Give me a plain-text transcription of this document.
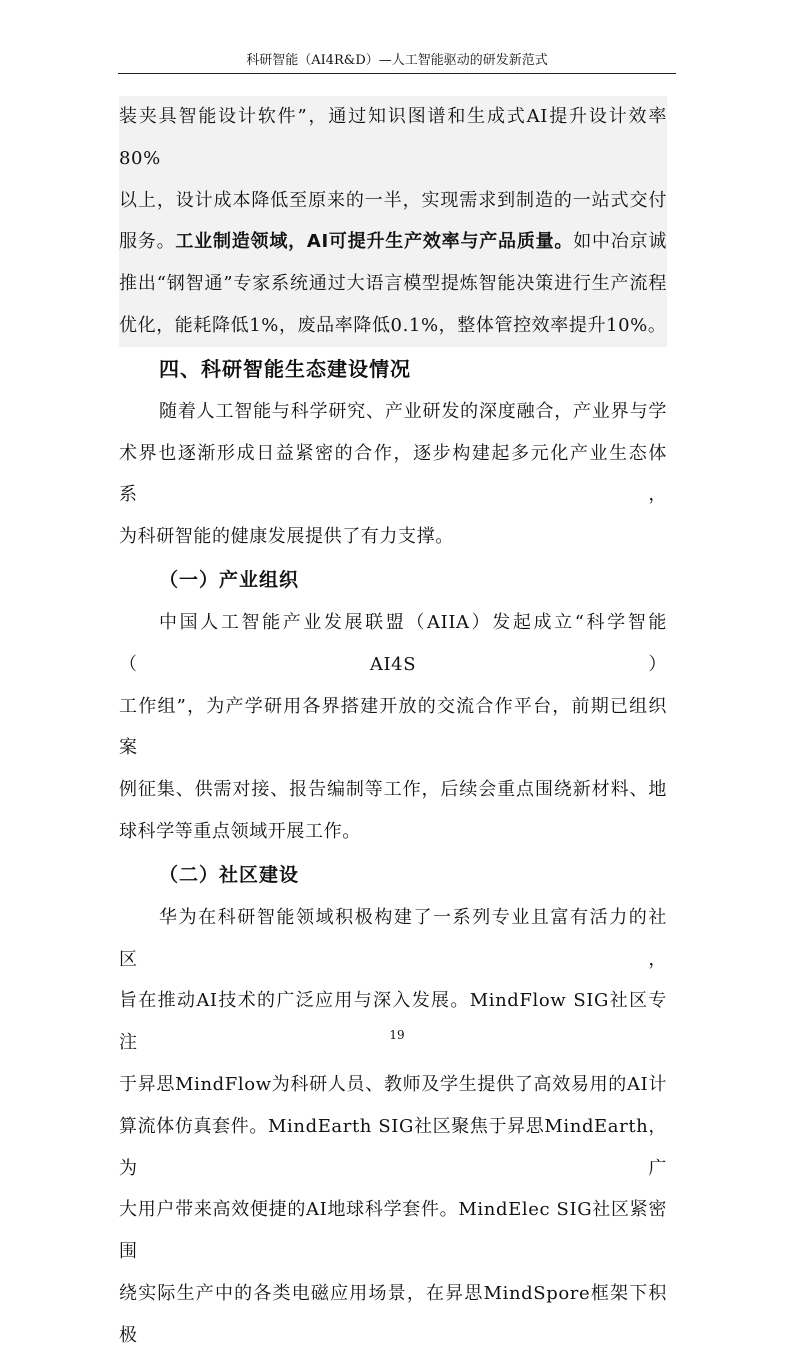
科研智能（AI4R&D）—人工智能驱动的研发新范式

装夹具智能设计软件”，通过知识图谱和生成式AI提升设计效率80%
以上，设计成本降低至原来的一半，实现需求到制造的一站式交付
服务。工业制造领域，AI可提升生产效率与产品质量。如中冶京诚
推出“钢智通”专家系统通过大语言模型提炼智能决策进行生产流程
优化，能耗降低1%，废品率降低0.1%，整体管控效率提升10%。

四、科研智能生态建设情况

随着人工智能与科学研究、产业研发的深度融合，产业界与学
术界也逐渐形成日益紧密的合作，逐步构建起多元化产业生态体系，
为科研智能的健康发展提供了有力支撑。

（一）产业组织

中国人工智能产业发展联盟（AIIA）发起成立“科学智能（AI4S）
工作组”，为产学研用各界搭建开放的交流合作平台，前期已组织案
例征集、供需对接、报告编制等工作，后续会重点围绕新材料、地
球科学等重点领域开展工作。

（二）社区建设

华为在科研智能领域积极构建了一系列专业且富有活力的社区，
旨在推动AI技术的广泛应用与深入发展。MindFlow SIG社区专注
于昇思MindFlow为科研人员、教师及学生提供了高效易用的AI计
算流体仿真套件。MindEarth SIG社区聚焦于昇思MindEarth，为广
大用户带来高效便捷的AI地球科学套件。MindElec SIG社区紧密围
绕实际生产中的各类电磁应用场景，在昇思MindSpore框架下积极

19
